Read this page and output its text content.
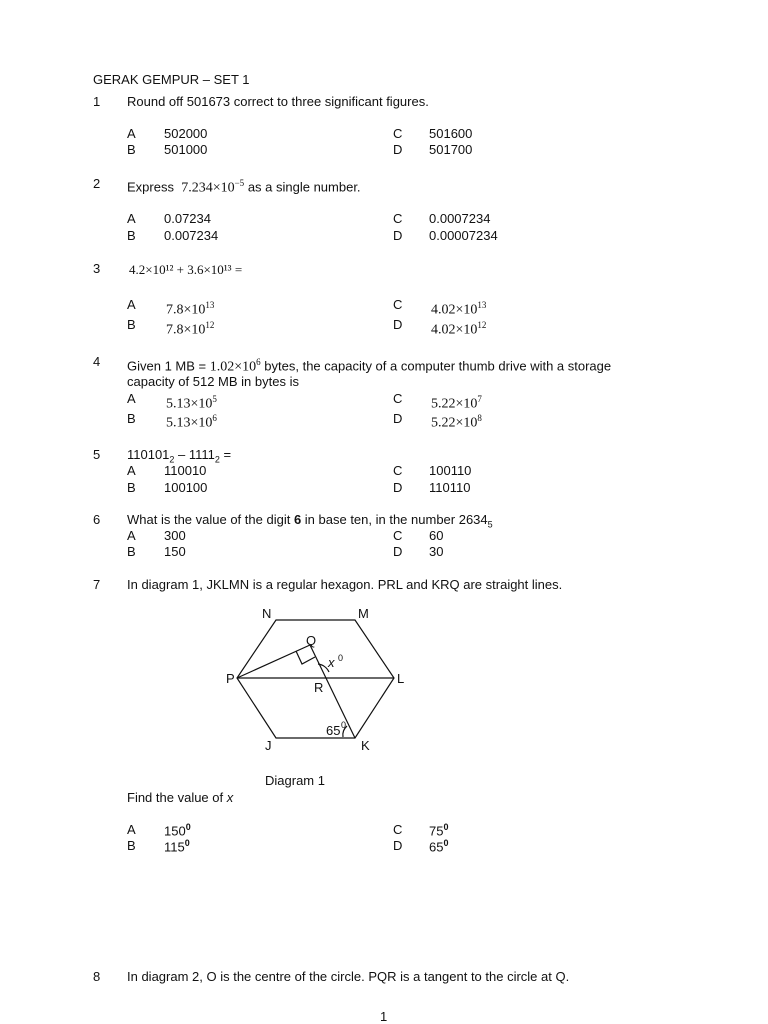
GERAK GEMPUR – SET 1
1 Round off 501673 correct to three significant figures.
A 502000
B 501000
C 501600
D 501700
2 Express $7.234\times 10^{-5}$ as a single number.
A 0.07234
B 0.007234
C 0.0007234
D 0.00007234
3 4.2×10¹² + 3.6×10¹³ =
A $7.8\times 10^{13}$
B $7.8\times 10^{12}$
C $4.02\times 10^{13}$
D $4.02\times 10^{12}$
4 Given 1 MB = $1.02\times 10^6$ bytes, the capacity of a computer thumb drive with a storage
capacity of 512 MB in bytes is
A $5.13\times 10^5$
B $5.13\times 10^6$
C $5.22\times 10^7$
D $5.22\times 10^8$
5 $110101_2 - 1111_2$ =
A 110010
B 100100
C 100110
D 110110
6 What is the value of the digit 6 in base ten, in the number $2634_5$
A 300
B 150
C 60
D 30
7 In diagram 1, JKLMN is a regular hexagon. PRL and KRQ are straight lines.
N	M
Q
x 0
P
R
L
65 0
J	K
Diagram 1
Find the value of x
A $150^0$
B $115^0$
C $75^0$
D $65^0$
8 In diagram 2, O is the centre of the circle. PQR is a tangent to the circle at Q.
1
